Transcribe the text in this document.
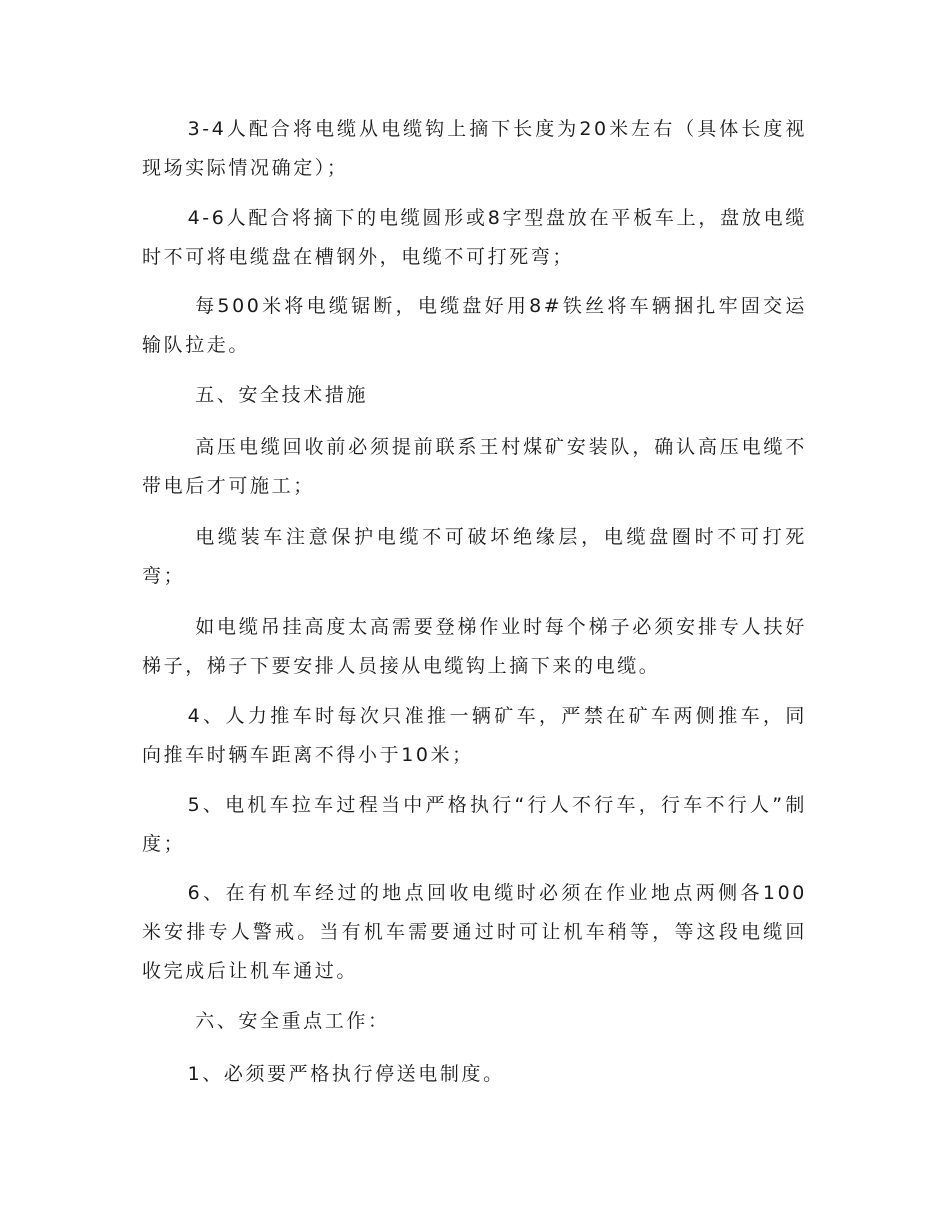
3-4人配合将电缆从电缆钩上摘下长度为20米左右（具体长度视现场实际情况确定）；

4-6人配合将摘下的电缆圆形或8字型盘放在平板车上，盘放电缆时不可将电缆盘在槽钢外，电缆不可打死弯；

每500米将电缆锯断，电缆盘好用8#铁丝将车辆捆扎牢固交运输队拉走。

五、安全技术措施

高压电缆回收前必须提前联系王村煤矿安装队，确认高压电缆不带电后才可施工；

电缆装车注意保护电缆不可破坏绝缘层，电缆盘圈时不可打死弯；

如电缆吊挂高度太高需要登梯作业时每个梯子必须安排专人扶好梯子，梯子下要安排人员接从电缆钩上摘下来的电缆。

4、人力推车时每次只准推一辆矿车，严禁在矿车两侧推车，同向推车时辆车距离不得小于10米；

5、电机车拉车过程当中严格执行“行人不行车，行车不行人”制度；

6、在有机车经过的地点回收电缆时必须在作业地点两侧各100米安排专人警戒。当有机车需要通过时可让机车稍等，等这段电缆回收完成后让机车通过。

六、安全重点工作：

1、必须要严格执行停送电制度。
